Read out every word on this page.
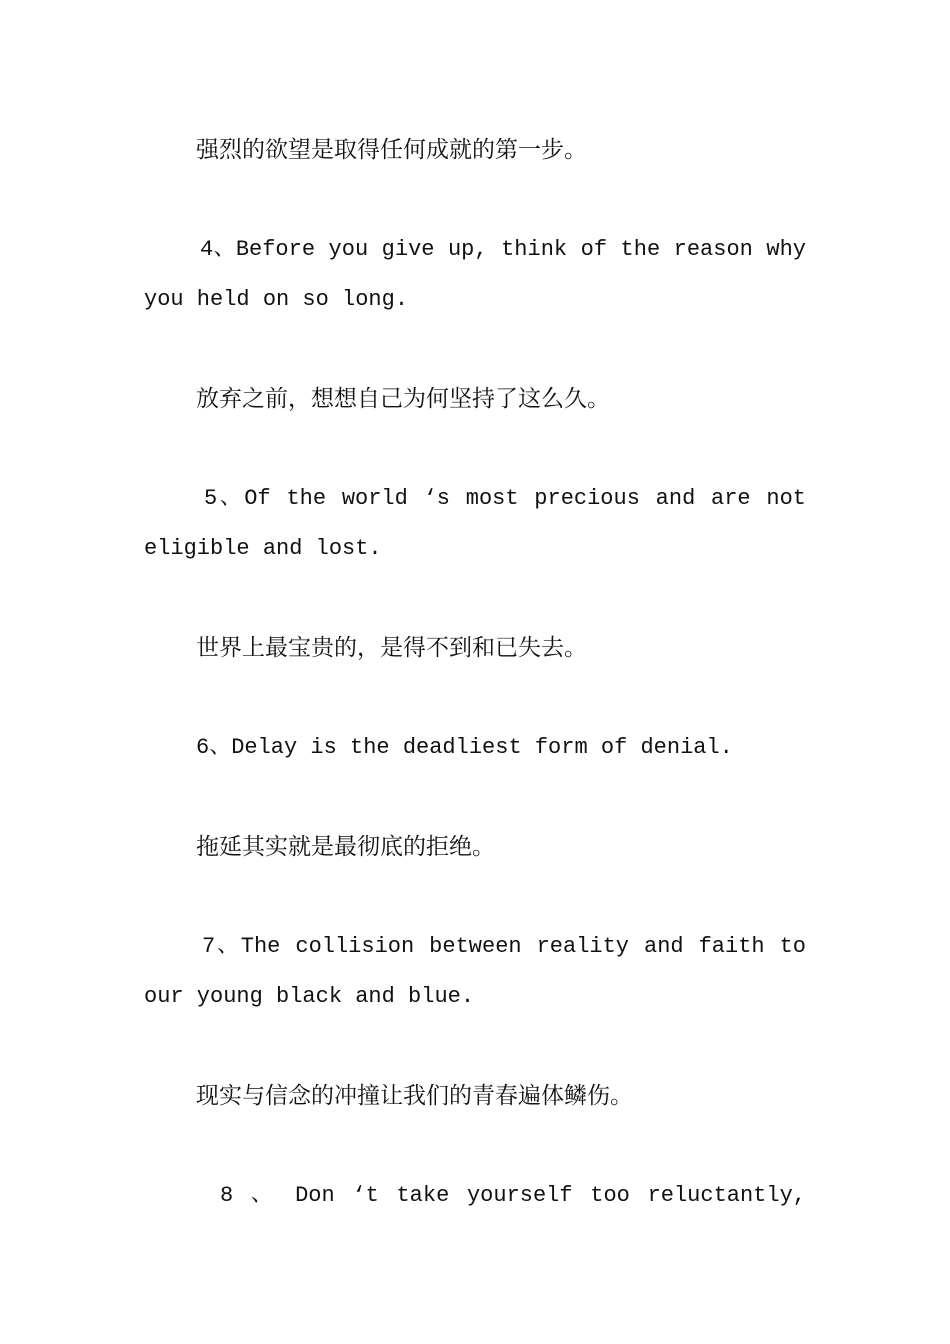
强烈的欲望是取得任何成就的第一步。
4、Before you give up, think of the reason why
you held on so long.
放弃之前，想想自己为何坚持了这么久。
5、Of the world ‘s most precious and are not
eligible and lost.
世界上最宝贵的，是得不到和已失去。
6、Delay is the deadliest form of denial.
拖延其实就是最彻底的拒绝。
7、The collision between reality and faith to
our young black and blue.
现实与信念的冲撞让我们的青春遍体鳞伤。
8 、 Don ‘t take yourself too reluctantly,
